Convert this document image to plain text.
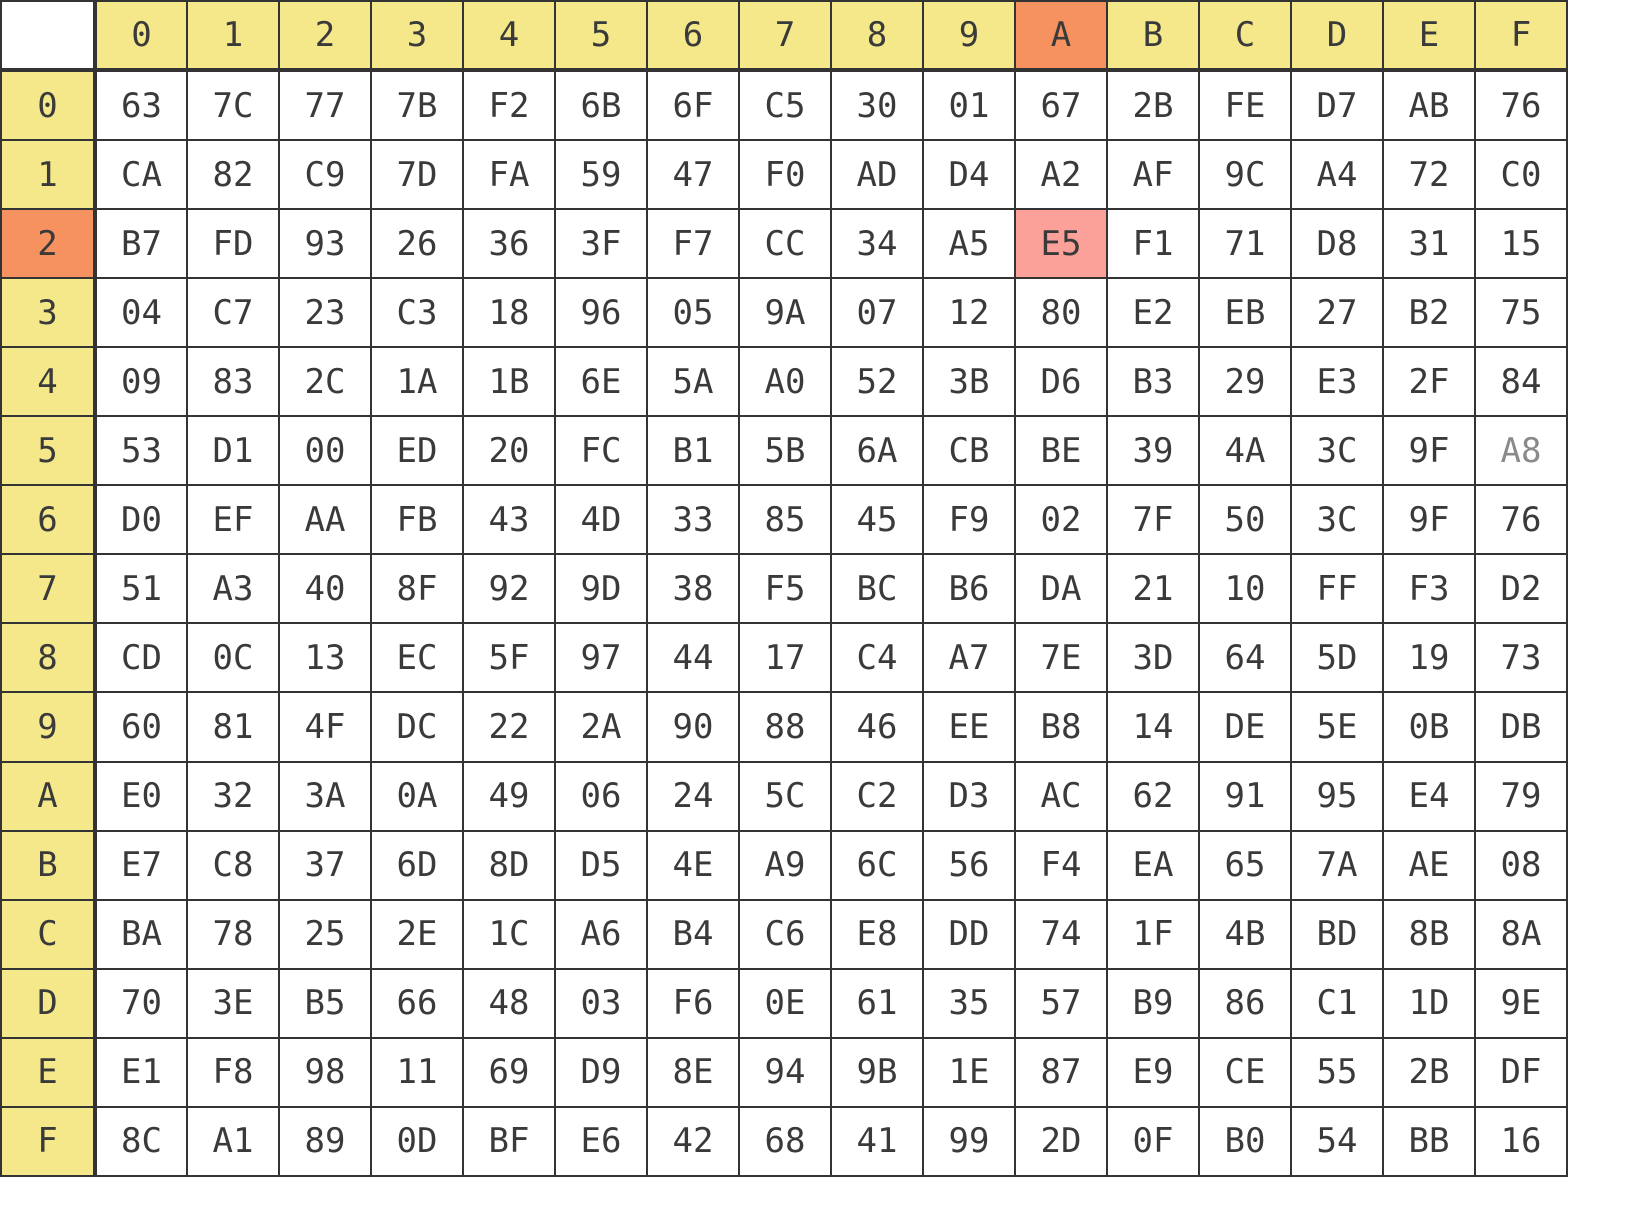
	0	1	2	3	4	5	6	7	8	9	A	B	C	D	E	F
0	63	7C	77	7B	F2	6B	6F	C5	30	01	67	2B	FE	D7	AB	76
1	CA	82	C9	7D	FA	59	47	F0	AD	D4	A2	AF	9C	A4	72	C0
2	B7	FD	93	26	36	3F	F7	CC	34	A5	E5	F1	71	D8	31	15
3	04	C7	23	C3	18	96	05	9A	07	12	80	E2	EB	27	B2	75
4	09	83	2C	1A	1B	6E	5A	A0	52	3B	D6	B3	29	E3	2F	84
5	53	D1	00	ED	20	FC	B1	5B	6A	CB	BE	39	4A	3C	9F	A8
6	D0	EF	AA	FB	43	4D	33	85	45	F9	02	7F	50	3C	9F	76
7	51	A3	40	8F	92	9D	38	F5	BC	B6	DA	21	10	FF	F3	D2
8	CD	0C	13	EC	5F	97	44	17	C4	A7	7E	3D	64	5D	19	73
9	60	81	4F	DC	22	2A	90	88	46	EE	B8	14	DE	5E	0B	DB
A	E0	32	3A	0A	49	06	24	5C	C2	D3	AC	62	91	95	E4	79
B	E7	C8	37	6D	8D	D5	4E	A9	6C	56	F4	EA	65	7A	AE	08
C	BA	78	25	2E	1C	A6	B4	C6	E8	DD	74	1F	4B	BD	8B	8A
D	70	3E	B5	66	48	03	F6	0E	61	35	57	B9	86	C1	1D	9E
E	E1	F8	98	11	69	D9	8E	94	9B	1E	87	E9	CE	55	2B	DF
F	8C	A1	89	0D	BF	E6	42	68	41	99	2D	0F	B0	54	BB	16
